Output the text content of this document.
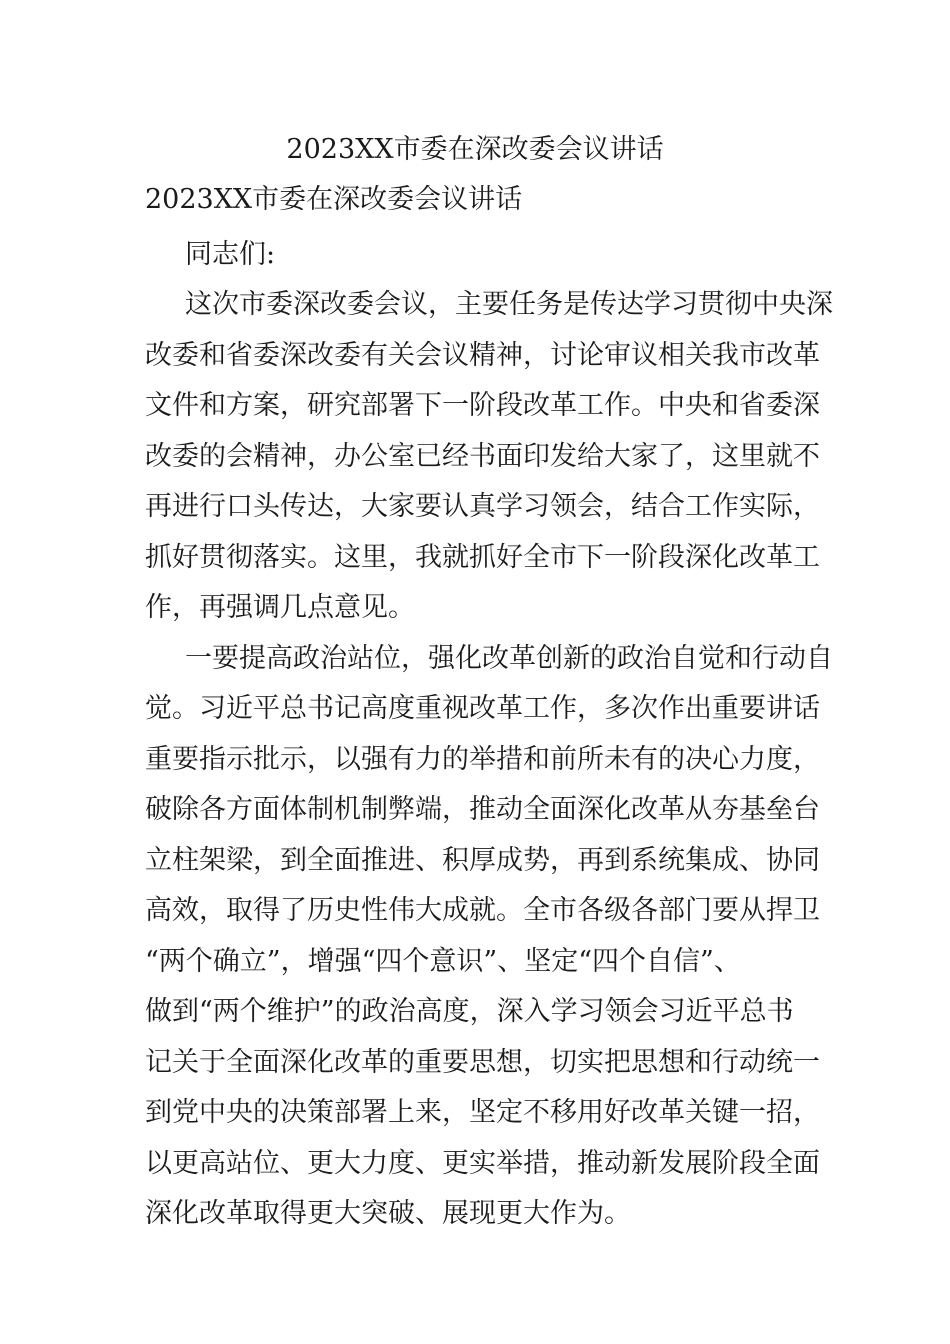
2023XX市委在深改委会议讲话

2023XX市委在深改委会议讲话

同志们:

这次市委深改委会议，主要任务是传达学习贯彻中央深
改委和省委深改委有关会议精神，讨论审议相关我市改革
文件和方案，研究部署下一阶段改革工作。中央和省委深
改委的会精神，办公室已经书面印发给大家了，这里就不
再进行口头传达，大家要认真学习领会，结合工作实际，
抓好贯彻落实。这里，我就抓好全市下一阶段深化改革工
作，再强调几点意见。

一要提高政治站位，强化改革创新的政治自觉和行动自
觉。习近平总书记高度重视改革工作，多次作出重要讲话
重要指示批示，以强有力的举措和前所未有的决心力度，
破除各方面体制机制弊端，推动全面深化改革从夯基垒台
立柱架梁，到全面推进、积厚成势，再到系统集成、协同
高效，取得了历史性伟大成就。全市各级各部门要从捍卫
“两个确立”，增强“四个意识”、坚定“四个自信”、
做到“两个维护”的政治高度，深入学习领会习近平总书
记关于全面深化改革的重要思想，切实把思想和行动统一
到党中央的决策部署上来，坚定不移用好改革关键一招，
以更高站位、更大力度、更实举措，推动新发展阶段全面
深化改革取得更大突破、展现更大作为。
